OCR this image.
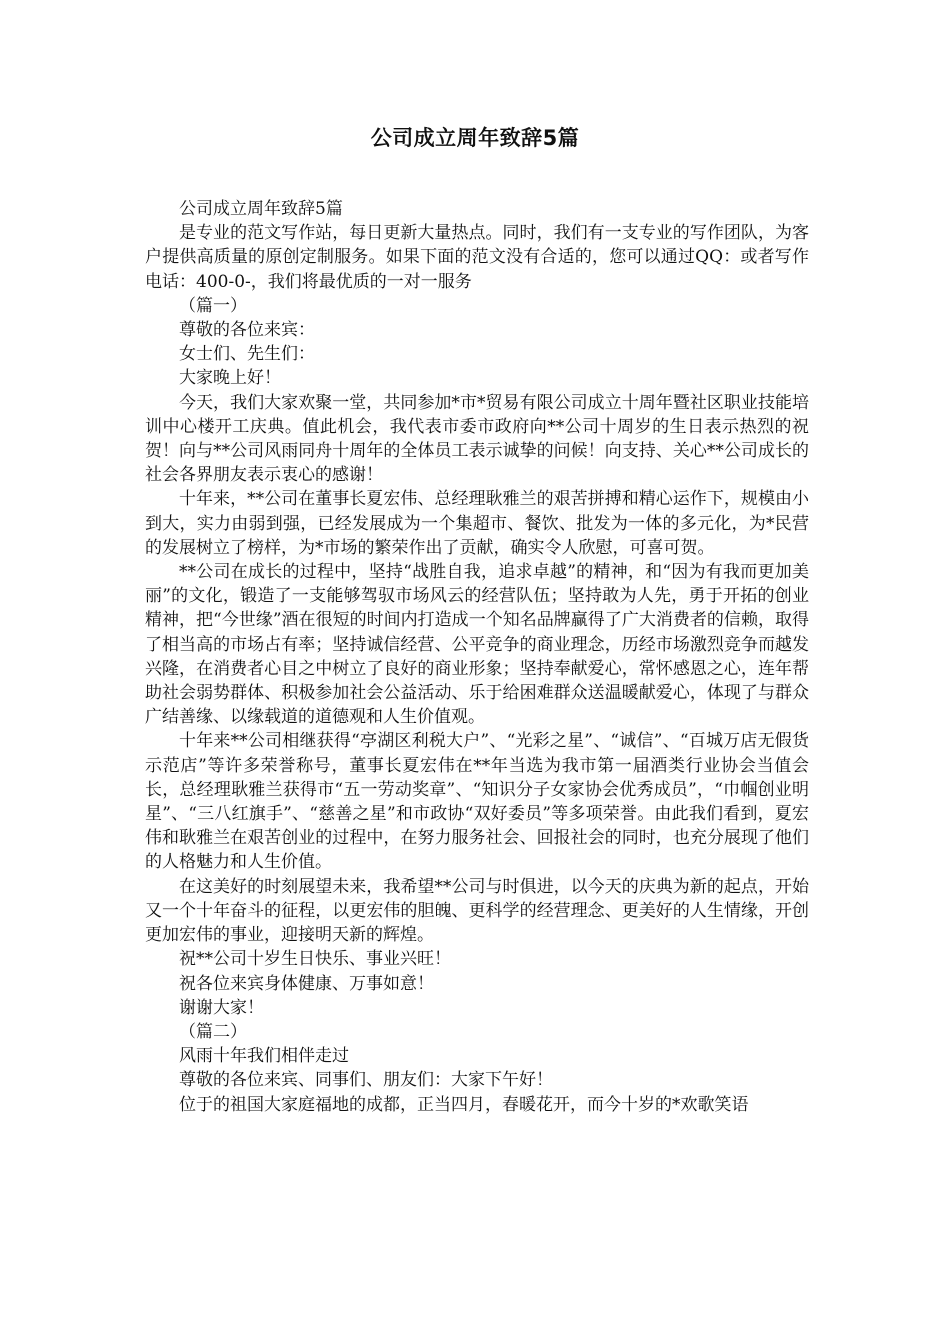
公司成立周年致辞5篇

公司成立周年致辞5篇

是专业的范文写作站，每日更新大量热点。同时，我们有一支专业的写作团队，为客户提供高质量的原创定制服务。如果下面的范文没有合适的，您可以通过QQ：或者写作电话：400-0-，我们将最优质的一对一服务

（篇一）

尊敬的各位来宾：

女士们、先生们：

大家晚上好！

今天，我们大家欢聚一堂，共同参加*市*贸易有限公司成立十周年暨社区职业技能培训中心楼开工庆典。值此机会，我代表市委市政府向**公司十周岁的生日表示热烈的祝贺！向与**公司风雨同舟十周年的全体员工表示诚挚的问候！向支持、关心**公司成长的社会各界朋友表示衷心的感谢！

十年来，**公司在董事长夏宏伟、总经理耿雅兰的艰苦拼搏和精心运作下，规模由小到大，实力由弱到强，已经发展成为一个集超市、餐饮、批发为一体的多元化，为*民营的发展树立了榜样，为*市场的繁荣作出了贡献，确实令人欣慰，可喜可贺。

**公司在成长的过程中，坚持“战胜自我，追求卓越”的精神，和“因为有我而更加美丽”的文化，锻造了一支能够驾驭市场风云的经营队伍；坚持敢为人先，勇于开拓的创业精神，把“今世缘”酒在很短的时间内打造成一个知名品牌赢得了广大消费者的信赖，取得了相当高的市场占有率；坚持诚信经营、公平竞争的商业理念，历经市场激烈竞争而越发兴隆，在消费者心目之中树立了良好的商业形象；坚持奉献爱心，常怀感恩之心，连年帮助社会弱势群体、积极参加社会公益活动、乐于给困难群众送温暖献爱心，体现了与群众广结善缘、以缘载道的道德观和人生价值观。

十年来**公司相继获得“亭湖区利税大户”、“光彩之星”、“诚信”、“百城万店无假货示范店”等许多荣誉称号，董事长夏宏伟在**年当选为我市第一届酒类行业协会当值会长，总经理耿雅兰获得市“五一劳动奖章”、“知识分子女家协会优秀成员”，“巾帼创业明星”、“三八红旗手”、“慈善之星”和市政协“双好委员”等多项荣誉。由此我们看到，夏宏伟和耿雅兰在艰苦创业的过程中，在努力服务社会、回报社会的同时，也充分展现了他们的人格魅力和人生价值。

在这美好的时刻展望未来，我希望**公司与时俱进，以今天的庆典为新的起点，开始又一个十年奋斗的征程，以更宏伟的胆魄、更科学的经营理念、更美好的人生情缘，开创更加宏伟的事业，迎接明天新的辉煌。

祝**公司十岁生日快乐、事业兴旺！

祝各位来宾身体健康、万事如意！

谢谢大家！

（篇二）

风雨十年我们相伴走过

尊敬的各位来宾、同事们、朋友们：大家下午好！

位于的祖国大家庭福地的成都，正当四月，春暖花开，而今十岁的*欢歌笑语
